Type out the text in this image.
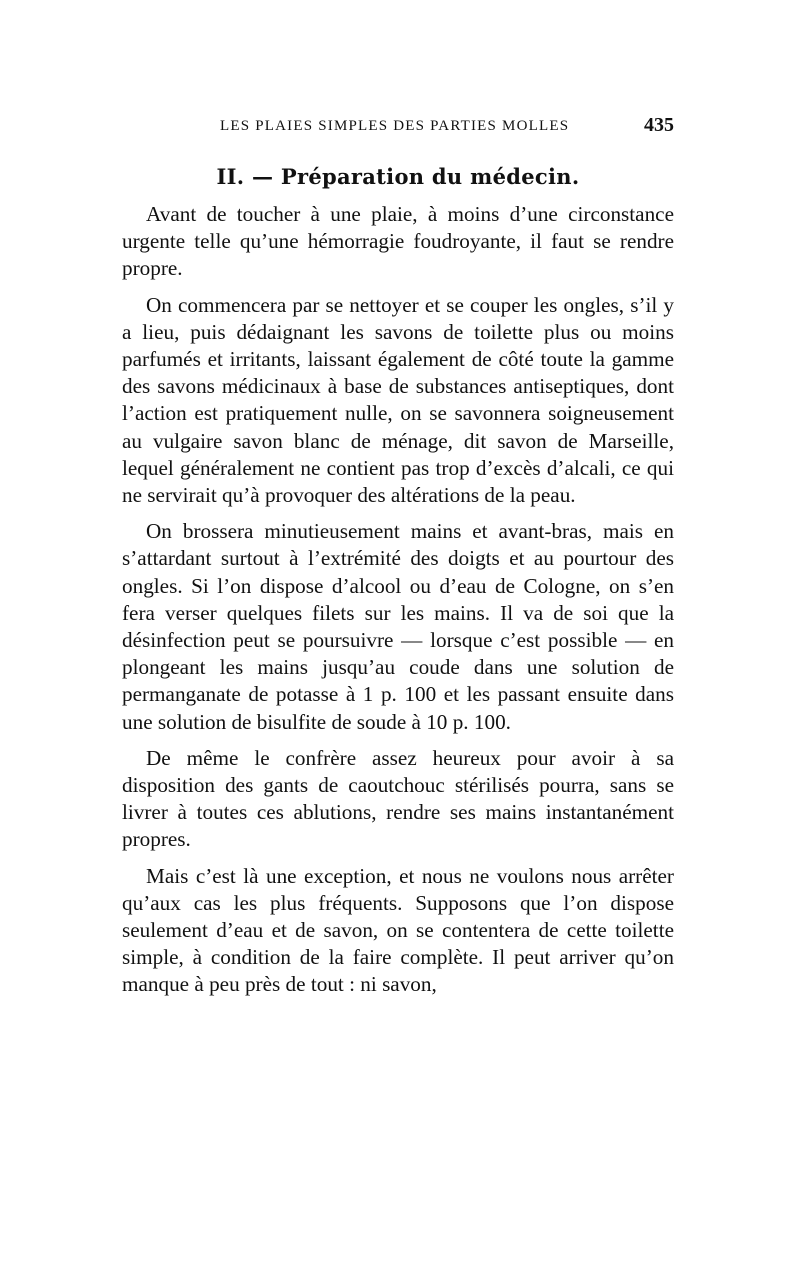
LES PLAIES SIMPLES DES PARTIES MOLLES	435
II. — Préparation du médecin.

Avant de toucher à une plaie, à moins d’une circonstance urgente telle qu’une hémorragie foudroyante, il faut se rendre propre.

On commencera par se nettoyer et se couper les ongles, s’il y a lieu, puis dédaignant les savons de toilette plus ou moins parfumés et irritants, laissant également de côté toute la gamme des savons médicinaux à base de substances antiseptiques, dont l’action est pratiquement nulle, on se savonnera soigneusement au vulgaire savon blanc de ménage, dit savon de Marseille, lequel généralement ne contient pas trop d’excès d’alcali, ce qui ne servirait qu’à provoquer des altérations de la peau.

On brossera minutieusement mains et avant-bras, mais en s’attardant surtout à l’extrémité des doigts et au pourtour des ongles. Si l’on dispose d’alcool ou d’eau de Cologne, on s’en fera verser quelques filets sur les mains. Il va de soi que la désinfection peut se poursuivre — lorsque c’est possible — en plongeant les mains jusqu’au coude dans une solution de permanganate de potasse à 1 p. 100 et les passant ensuite dans une solution de bisulfite de soude à 10 p. 100.

De même le confrère assez heureux pour avoir à sa disposition des gants de caoutchouc stérilisés pourra, sans se livrer à toutes ces ablutions, rendre ses mains instantanément propres.

Mais c’est là une exception, et nous ne voulons nous arrêter qu’aux cas les plus fréquents. Supposons que l’on dispose seulement d’eau et de savon, on se contentera de cette toilette simple, à condition de la faire complète. Il peut arriver qu’on manque à peu près de tout : ni savon,
